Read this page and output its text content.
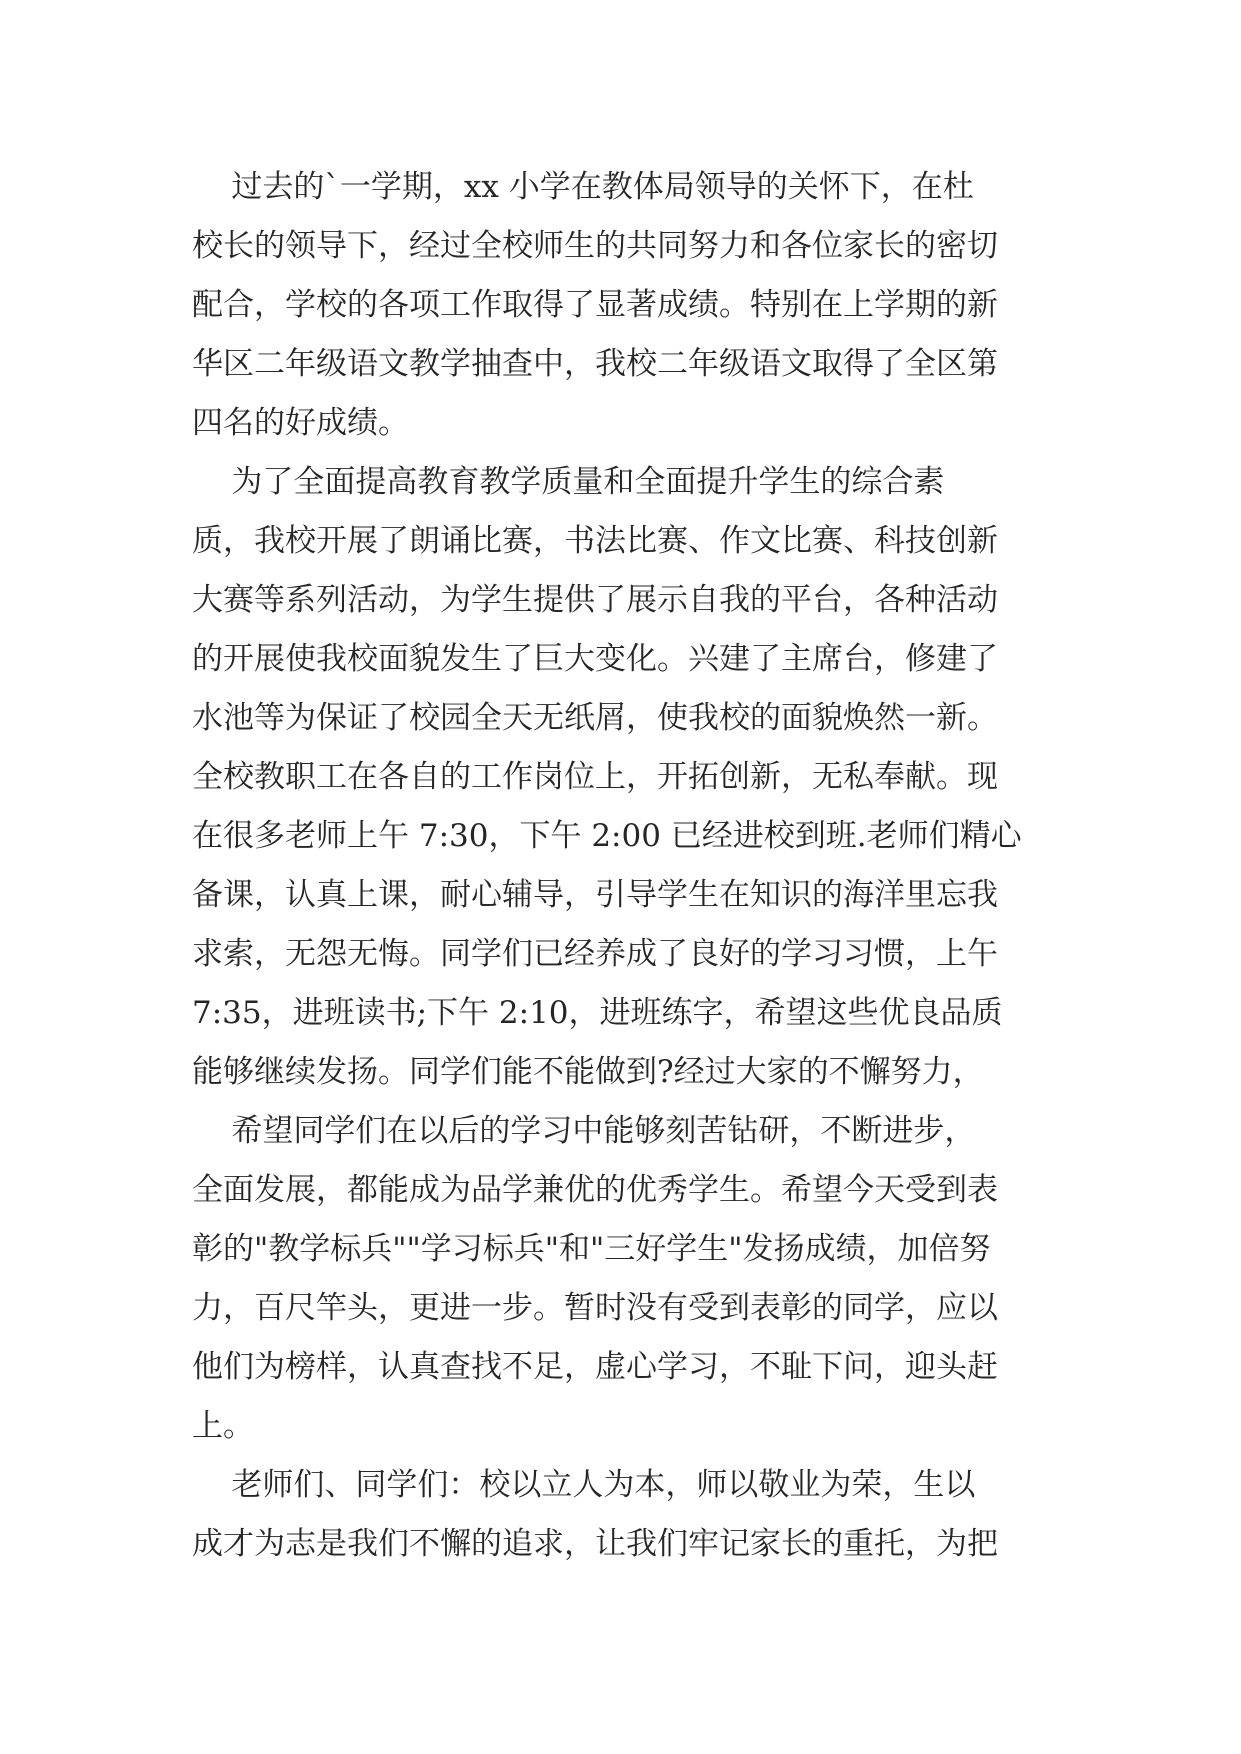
过去的`一学期，xx 小学在教体局领导的关怀下，在杜
校长的领导下，经过全校师生的共同努力和各位家长的密切
配合，学校的各项工作取得了显著成绩。特别在上学期的新
华区二年级语文教学抽查中，我校二年级语文取得了全区第
四名的好成绩。
为了全面提高教育教学质量和全面提升学生的综合素
质，我校开展了朗诵比赛，书法比赛、作文比赛、科技创新
大赛等系列活动，为学生提供了展示自我的平台，各种活动
的开展使我校面貌发生了巨大变化。兴建了主席台，修建了
水池等为保证了校园全天无纸屑，使我校的面貌焕然一新。
全校教职工在各自的工作岗位上，开拓创新，无私奉献。现
在很多老师上午 7:30，下午 2:00 已经进校到班.老师们精心
备课，认真上课，耐心辅导，引导学生在知识的海洋里忘我
求索，无怨无悔。同学们已经养成了良好的学习习惯，上午
7:35，进班读书;下午 2:10，进班练字，希望这些优良品质
能够继续发扬。同学们能不能做到?经过大家的不懈努力，
希望同学们在以后的学习中能够刻苦钻研，不断进步，
全面发展，都能成为品学兼优的优秀学生。希望今天受到表
彰的"教学标兵""学习标兵"和"三好学生"发扬成绩，加倍努
力，百尺竿头，更进一步。暂时没有受到表彰的同学，应以
他们为榜样，认真查找不足，虚心学习，不耻下问，迎头赶
上。
老师们、同学们：校以立人为本，师以敬业为荣，生以
成才为志是我们不懈的追求，让我们牢记家长的重托，为把
